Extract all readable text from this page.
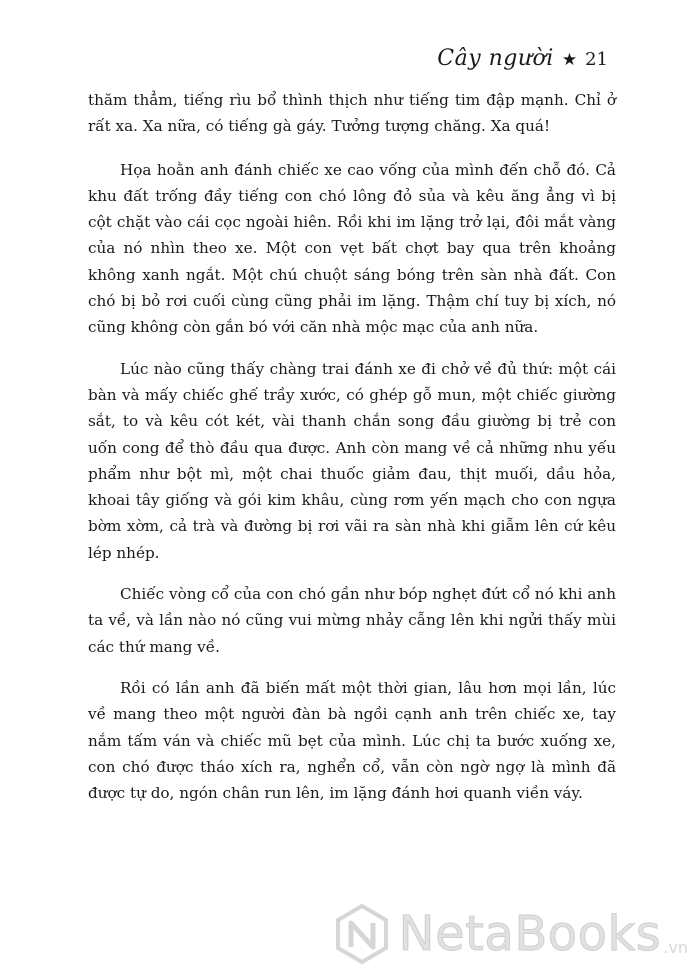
Cây người ★ 21

thăm thẳm, tiếng rìu bổ thình thịch như tiếng tim đập mạnh. Chỉ ở rất xa. Xa nữa, có tiếng gà gáy. Tưởng tượng chăng. Xa quá!

Họa hoằn anh đánh chiếc xe cao vống của mình đến chỗ đó. Cả khu đất trống đầy tiếng con chó lông đỏ sủa và kêu ăng ẳng vì bị cột chặt vào cái cọc ngoài hiên. Rồi khi im lặng trở lại, đôi mắt vàng của nó nhìn theo xe. Một con vẹt bất chợt bay qua trên khoảng không xanh ngắt. Một chú chuột sáng bóng trên sàn nhà đất. Con chó bị bỏ rơi cuối cùng cũng phải im lặng. Thậm chí tuy bị xích, nó cũng không còn gắn bó với căn nhà mộc mạc của anh nữa.

Lúc nào cũng thấy chàng trai đánh xe đi chở về đủ thứ: một cái bàn và mấy chiếc ghế trầy xước, có ghép gỗ mun, một chiếc giường sắt, to và kêu cót két, vài thanh chắn song đầu giường bị trẻ con uốn cong để thò đầu qua được. Anh còn mang về cả những nhu yếu phẩm như bột mì, một chai thuốc giảm đau, thịt muối, dầu hỏa, khoai tây giống và gói kim khâu, cùng rơm yến mạch cho con ngựa bờm xờm, cả trà và đường bị rơi vãi ra sàn nhà khi giẫm lên cứ kêu lép nhép.

Chiếc vòng cổ của con chó gần như bóp nghẹt đứt cổ nó khi anh ta về, và lần nào nó cũng vui mừng nhảy cẫng lên khi ngửi thấy mùi các thứ mang về.

Rồi có lần anh đã biến mất một thời gian, lâu hơn mọi lần, lúc về mang theo một người đàn bà ngồi cạnh anh trên chiếc xe, tay nắm tấm ván và chiếc mũ bẹt của mình. Lúc chị ta bước xuống xe, con chó được tháo xích ra, nghển cổ, vẫn còn ngờ ngợ là mình đã được tự do, ngón chân run lên, im lặng đánh hơi quanh viền váy.

NetaBooks .vn
